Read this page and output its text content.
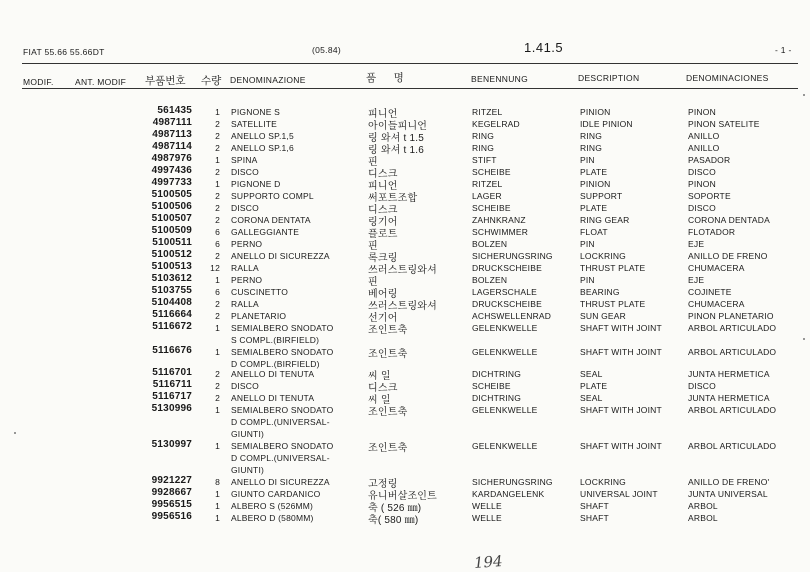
FIAT 55.66 55.66DT	(05.84)	1.41.5	- 1 -
MODIF.	ANT. MODIF 부품번호 수량 DENOMINAZIONE	품      명	BENENNUNG	DESCRIPTION	DENOMINACIONES
561435	1 PIGNONE S	피니언	RITZEL	PINION	PINON
4987111	2 SATELLITE	아이들피니언	KEGELRAD	IDLE PINION	PINON SATELITE
4987113	2 ANELLO SP.1,5	링 와셔 t 1.5	RING	RING	ANILLO
4987114	2 ANELLO SP.1,6	링 와셔 t 1.6	RING	RING	ANILLO
4987976	1 SPINA	핀	STIFT	PIN	PASADOR
4997436	2 DISCO	디스크	SCHEIBE	PLATE	DISCO
4997733	1 PIGNONE D	피니언	RITZEL	PINION	PINON
5100505	2 SUPPORTO COMPL	써포트조합	LAGER	SUPPORT	SOPORTE
5100506	2 DISCO	디스크	SCHEIBE	PLATE	DISCO
5100507	2 CORONA DENTATA	링기어	ZAHNKRANZ	RING GEAR	CORONA DENTADA
5100509	6 GALLEGGIANTE	플로트	SCHWIMMER	FLOAT	FLOTADOR
5100511	6 PERNO	핀	BOLZEN	PIN	EJE
5100512	2 ANELLO DI SICUREZZA	록크링	SICHERUNGSRING	LOCKRING	ANILLO DE FRENO
5100513	12 RALLA	쓰러스트링와셔	DRUCKSCHEIBE	THRUST PLATE	CHUMACERA
5103612	1 PERNO	핀	BOLZEN	PIN	EJE
5103755	6 CUSCINETTO	베어링	LAGERSCHALE	BEARING	COJINETE
5104408	2 RALLA	쓰러스트링와셔	DRUCKSCHEIBE	THRUST PLATE	CHUMACERA
5116664	2 PLANETARIO	선기어	ACHSWELLENRAD	SUN GEAR	PINON PLANETARIO
5116672	1 SEMIALBERO SNODATO	조인트축	GELENKWELLE	SHAFT WITH JOINT	ARBOL ARTICULADO
S COMPL.(BIRFIELD)
5116676	1 SEMIALBERO SNODATO	조인트축	GELENKWELLE	SHAFT WITH JOINT	ARBOL ARTICULADO
D COMPL.(BIRFIELD)
5116701	2 ANELLO DI TENUTA	씨 일	DICHTRING	SEAL	JUNTA HERMETICA
5116711	2 DISCO	디스크	SCHEIBE	PLATE	DISCO
5116717	2 ANELLO DI TENUTA	씨 일	DICHTRING	SEAL	JUNTA HERMETICA
5130996	1 SEMIALBERO SNODATO	조인트축	GELENKWELLE	SHAFT WITH JOINT	ARBOL ARTICULADO
D COMPL.(UNIVERSAL-
GIUNTI)
5130997	1 SEMIALBERO SNODATO	조인트축	GELENKWELLE	SHAFT WITH JOINT	ARBOL ARTICULADO
D COMPL.(UNIVERSAL-
GIUNTI)
9921227	8 ANELLO DI SICUREZZA	고정링	SICHERUNGSRING	LOCKRING	ANILLO DE FRENO'
9928667	1 GIUNTO CARDANICO	유니버살조인트	KARDANGELENK	UNIVERSAL JOINT	JUNTA UNIVERSAL
9956515	1 ALBERO S (526MM)	축 ( 526 ㎜)	WELLE	SHAFT	ARBOL
9956516	1 ALBERO D (580MM)	축( 580 ㎜)	WELLE	SHAFT	ARBOL
194
